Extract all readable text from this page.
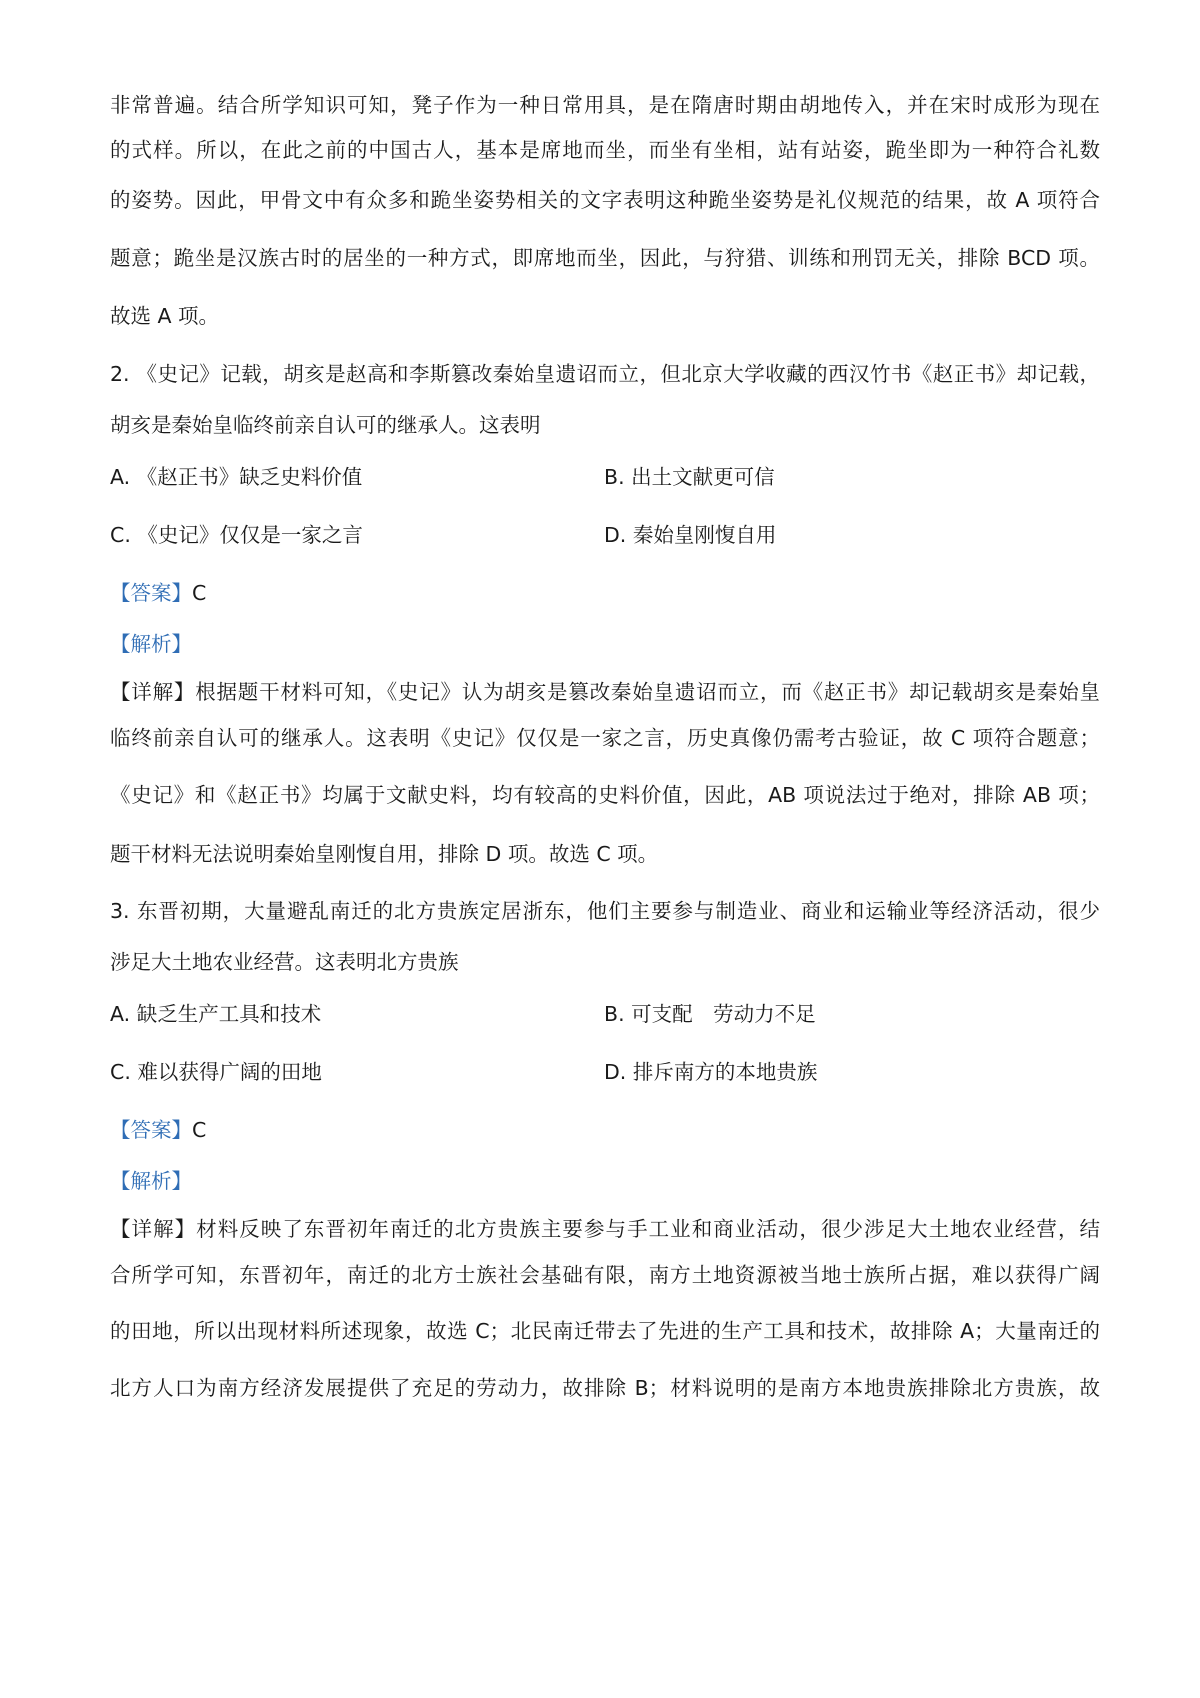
非常普遍。结合所学知识可知，凳子作为一种日常用具，是在隋唐时期由胡地传入，并在宋时成形为现在
的式样。所以，在此之前的中国古人，基本是席地而坐，而坐有坐相，站有站姿，跪坐即为一种符合礼数
的姿势。因此，甲骨文中有众多和跪坐姿势相关的文字表明这种跪坐姿势是礼仪规范的结果，故 A 项符合
题意；跪坐是汉族古时的居坐的一种方式，即席地而坐，因此，与狩猎、训练和刑罚无关，排除 BCD 项。
故选 A 项。
2. 《史记》记载，胡亥是赵高和李斯篡改秦始皇遗诏而立，但北京大学收藏的西汉竹书《赵正书》却记载，
胡亥是秦始皇临终前亲自认可的继承人。这表明
A. 《赵正书》缺乏史料价值	B. 出土文献更可信
C. 《史记》仅仅是一家之言	D. 秦始皇刚愎自用
【答案】C
【解析】
【详解】根据题干材料可知，《史记》认为胡亥是篡改秦始皇遗诏而立，而《赵正书》却记载胡亥是秦始皇
临终前亲自认可的继承人。这表明《史记》仅仅是一家之言，历史真像仍需考古验证，故 C 项符合题意；
《史记》和《赵正书》均属于文献史料，均有较高的史料价值，因此，AB 项说法过于绝对，排除 AB 项；
题干材料无法说明秦始皇刚愎自用，排除 D 项。故选 C 项。
3. 东晋初期，大量避乱南迁的北方贵族定居浙东，他们主要参与制造业、商业和运输业等经济活动，很少
涉足大土地农业经营。这表明北方贵族
A. 缺乏生产工具和技术	B. 可支配　劳动力不足
C. 难以获得广阔的田地	D. 排斥南方的本地贵族
【答案】C
【解析】
【详解】材料反映了东晋初年南迁的北方贵族主要参与手工业和商业活动，很少涉足大土地农业经营，结
合所学可知，东晋初年，南迁的北方士族社会基础有限，南方土地资源被当地士族所占据，难以获得广阔
的田地，所以出现材料所述现象，故选 C；北民南迁带去了先进的生产工具和技术，故排除 A；大量南迁的
北方人口为南方经济发展提供了充足的劳动力，故排除 B；材料说明的是南方本地贵族排除北方贵族，故
